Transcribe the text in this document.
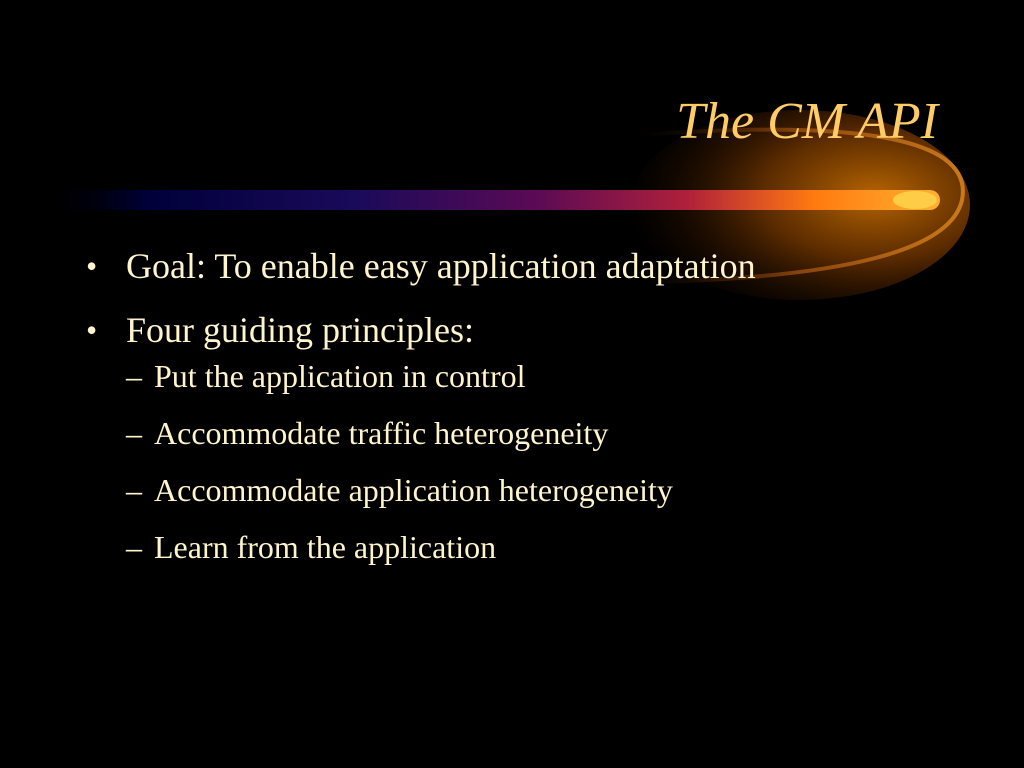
The CM API
• Goal: To enable easy application adaptation
• Four guiding principles:
– Put the application in control
– Accommodate traffic heterogeneity
– Accommodate application heterogeneity
– Learn from the application
